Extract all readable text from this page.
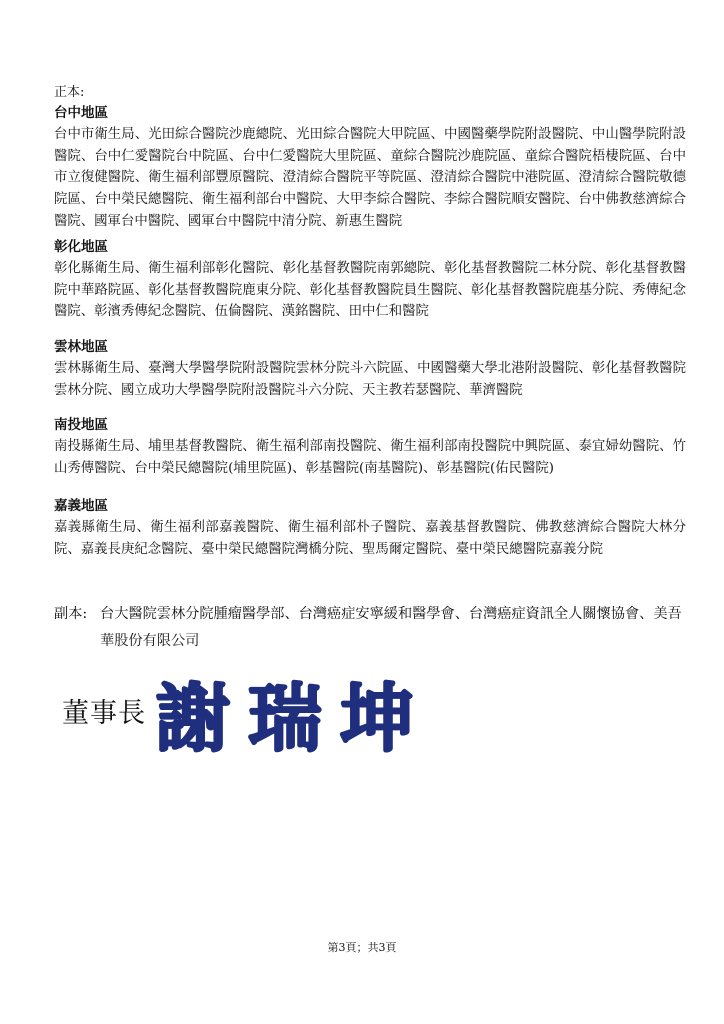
正本:

台中地區

台中市衛生局、光田綜合醫院沙鹿總院、光田綜合醫院大甲院區、中國醫藥學院附設醫院、中山醫學院附設醫院、台中仁愛醫院台中院區、台中仁愛醫院大里院區、童綜合醫院沙鹿院區、童綜合醫院梧棲院區、台中市立復健醫院、衛生福利部豐原醫院、澄清綜合醫院平等院區、澄清綜合醫院中港院區、澄清綜合醫院敬德院區、台中榮民總醫院、衛生福利部台中醫院、大甲李綜合醫院、李綜合醫院順安醫院、台中佛教慈濟綜合醫院、國軍台中醫院、國軍台中醫院中清分院、新惠生醫院

彰化地區

彰化縣衛生局、衛生福利部彰化醫院、彰化基督教醫院南郭總院、彰化基督教醫院二林分院、彰化基督教醫院中華路院區、彰化基督教醫院鹿東分院、彰化基督教醫院員生醫院、彰化基督教醫院鹿基分院、秀傳紀念醫院、彰濱秀傳紀念醫院、伍倫醫院、漢銘醫院、田中仁和醫院

雲林地區

雲林縣衛生局、臺灣大學醫學院附設醫院雲林分院斗六院區、中國醫藥大學北港附設醫院、彰化基督教醫院雲林分院、國立成功大學醫學院附設醫院斗六分院、天主教若瑟醫院、華濟醫院

南投地區

南投縣衛生局、埔里基督教醫院、衛生福利部南投醫院、衛生福利部南投醫院中興院區、泰宜婦幼醫院、竹山秀傳醫院、台中榮民總醫院(埔里院區)、彰基醫院(南基醫院)、彰基醫院(佑民醫院)

嘉義地區

嘉義縣衛生局、衛生福利部嘉義醫院、衛生福利部朴子醫院、嘉義基督教醫院、佛教慈濟綜合醫院大林分院、嘉義長庚紀念醫院、臺中榮民總醫院灣橋分院、聖馬爾定醫院、臺中榮民總醫院嘉義分院

副本: 台大醫院雲林分院腫瘤醫學部、台灣癌症安寧緩和醫學會、台灣癌症資訊全人關懷協會、美吾華股份有限公司
董事長 謝瑞坤
第3頁；共3頁
